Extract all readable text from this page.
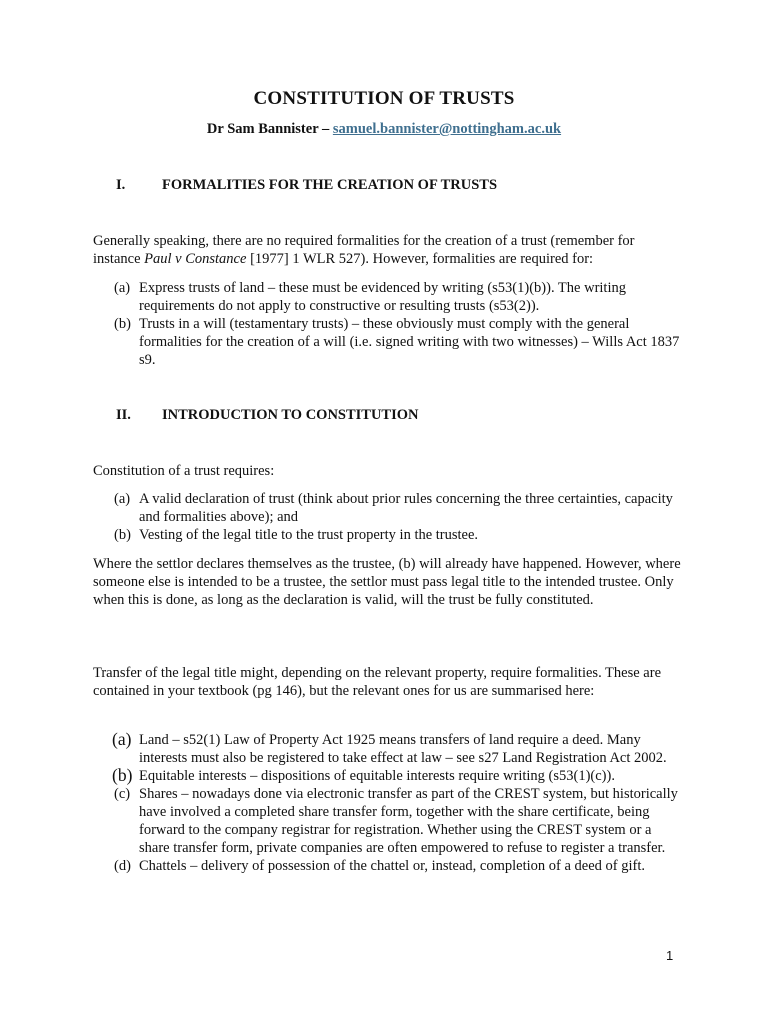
CONSTITUTION OF TRUSTS
Dr Sam Bannister – samuel.bannister@nottingham.ac.uk
I.	FORMALITIES FOR THE CREATION OF TRUSTS
Generally speaking, there are no required formalities for the creation of a trust (remember for instance Paul v Constance [1977] 1 WLR 527). However, formalities are required for:
(a) Express trusts of land – these must be evidenced by writing (s53(1)(b)). The writing requirements do not apply to constructive or resulting trusts (s53(2)).
(b) Trusts in a will (testamentary trusts) – these obviously must comply with the general formalities for the creation of a will (i.e. signed writing with two witnesses) – Wills Act 1837 s9.
II. INTRODUCTION TO CONSTITUTION
Constitution of a trust requires:
(a) A valid declaration of trust (think about prior rules concerning the three certainties, capacity and formalities above); and
(b) Vesting of the legal title to the trust property in the trustee.
Where the settlor declares themselves as the trustee, (b) will already have happened. However, where someone else is intended to be a trustee, the settlor must pass legal title to the intended trustee. Only when this is done, as long as the declaration is valid, will the trust be fully constituted.
Transfer of the legal title might, depending on the relevant property, require formalities. These are contained in your textbook (pg 146), but the relevant ones for us are summarised here:
(a) Land – s52(1) Law of Property Act 1925 means transfers of land require a deed. Many interests must also be registered to take effect at law – see s27 Land Registration Act 2002.
(b) Equitable interests – dispositions of equitable interests require writing (s53(1)(c)).
(c) Shares – nowadays done via electronic transfer as part of the CREST system, but historically have involved a completed share transfer form, together with the share certificate, being forward to the company registrar for registration. Whether using the CREST system or a share transfer form, private companies are often empowered to refuse to register a transfer.
(d) Chattels – delivery of possession of the chattel or, instead, completion of a deed of gift.
1
